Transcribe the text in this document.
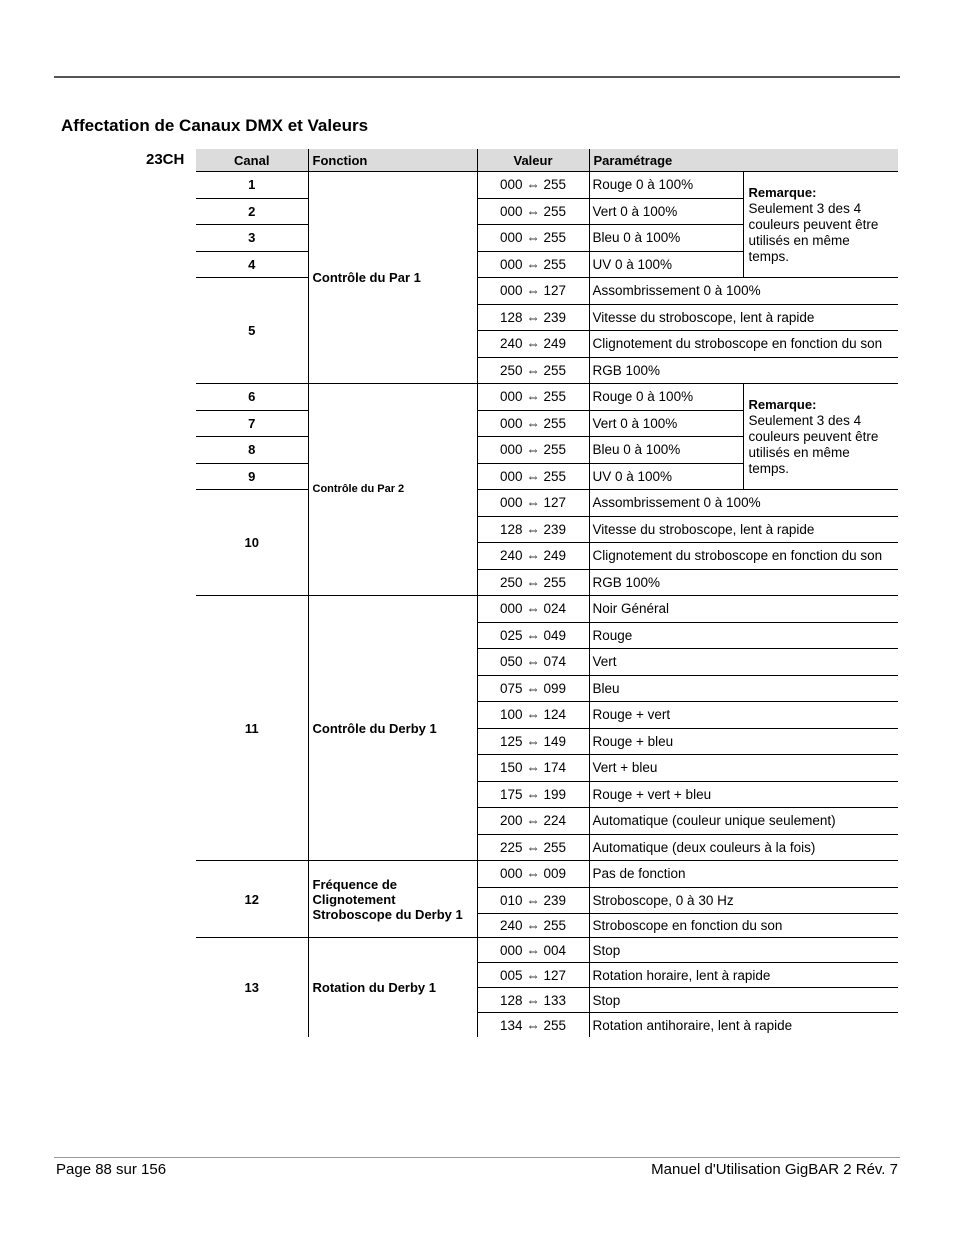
Affectation de Canaux DMX et Valeurs
23CH	Canal	Fonction	Valeur	Paramétrage	
1	Contrôle du Par 1	000 ⇔ 255	Rouge 0 à 100%	Remarque:
Seulement 3 des 4 couleurs peuvent être utilisés en même temps.
2		000 ⇔ 255	Vert 0 à 100%	
3		000 ⇔ 255	Bleu 0 à 100%	
4		000 ⇔ 255	UV 0 à 100%	
5		000 ⇔ 127	Assombrissement 0 à 100%	
		128 ⇔ 239	Vitesse du stroboscope, lent à rapide	
		240 ⇔ 249	Clignotement du stroboscope en fonction du son	
		250 ⇔ 255	RGB 100%	
6	Contrôle du Par 2	000 ⇔ 255	Rouge 0 à 100%	Remarque:
Seulement 3 des 4 couleurs peuvent être utilisés en même temps.
7		000 ⇔ 255	Vert 0 à 100%	
8		000 ⇔ 255	Bleu 0 à 100%	
9		000 ⇔ 255	UV 0 à 100%	
10		000 ⇔ 127	Assombrissement 0 à 100%	
		128 ⇔ 239	Vitesse du stroboscope, lent à rapide	
		240 ⇔ 249	Clignotement du stroboscope en fonction du son	
		250 ⇔ 255	RGB 100%	
11	Contrôle du Derby 1	000 ⇔ 024	Noir Général	
		025 ⇔ 049	Rouge	
		050 ⇔ 074	Vert	
		075 ⇔ 099	Bleu	
		100 ⇔ 124	Rouge + vert	
		125 ⇔ 149	Rouge + bleu	
		150 ⇔ 174	Vert + bleu	
		175 ⇔ 199	Rouge + vert + bleu	
		200 ⇔ 224	Automatique (couleur unique seulement)	
		225 ⇔ 255	Automatique (deux couleurs à la fois)	
12	Fréquence de Clignotement Stroboscope du Derby 1	000 ⇔ 009	Pas de fonction	
		010 ⇔ 239	Stroboscope, 0 à 30 Hz	
		240 ⇔ 255	Stroboscope en fonction du son	
13	Rotation du Derby 1	000 ⇔ 004	Stop	
		005 ⇔ 127	Rotation horaire, lent à rapide	
		128 ⇔ 133	Stop	
		134 ⇔ 255	Rotation antihoraire, lent à rapide	
Page 88 sur 156	Manuel d'Utilisation GigBAR 2 Rév. 7
